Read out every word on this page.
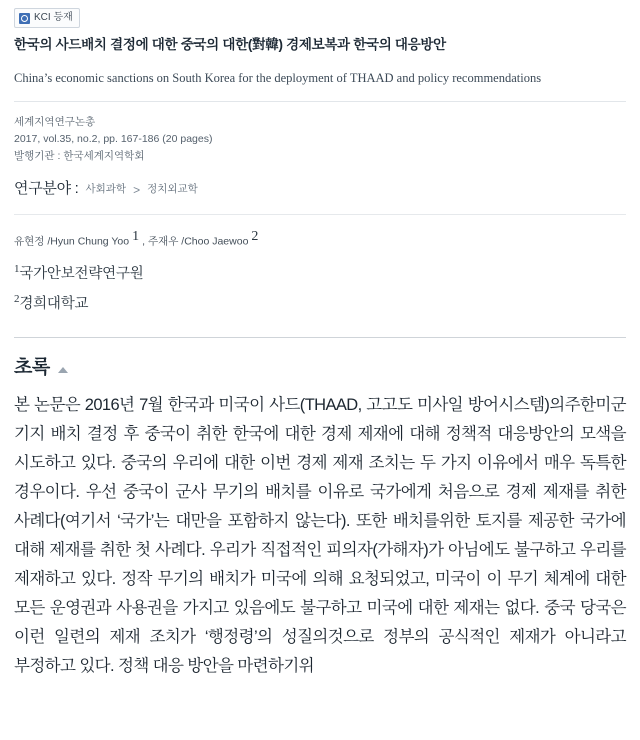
KCI 등재
한국의 사드배치 결정에 대한 중국의 대한(對韓) 경제보복과 한국의 대응방안
China’s economic sanctions on South Korea for the deployment of THAAD and policy recommendations
세계지역연구논총
2017, vol.35, no.2, pp. 167-186 (20 pages)
발행기관 : 한국세계지역학회
연구분야 : 사회과학 > 정치외교학
유현정 /Hyun Chung Yoo 1 , 주재우 /Choo Jaewoo 2
$^1$국가안보전략연구원
$^2$경희대학교
초록
본 논문은 2016년 7월 한국과 미국이 사드(THAAD, 고고도 미사일 방어시스템)의주한미군 기지 배치 결정 후 중국이 취한 한국에 대한 경제 제재에 대해 정책적 대응방안의 모색을 시도하고 있다. 중국의 우리에 대한 이번 경제 제재 조치는 두 가지 이유에서 매우 독특한 경우이다. 우선 중국이 군사 무기의 배치를 이유로 국가에게 처음으로 경제 제재를 취한 사례다(여기서 ‘국가’는 대만을 포함하지 않는다). 또한 배치를위한 토지를 제공한 국가에 대해 제재를 취한 첫 사례다. 우리가 직접적인 피의자(가해자)가 아님에도 불구하고 우리를 제재하고 있다. 정작 무기의 배치가 미국에 의해 요청되었고, 미국이 이 무기 체계에 대한 모든 운영권과 사용권을 가지고 있음에도 불구하고 미국에 대한 제재는 없다. 중국 당국은 이런 일련의 제재 조치가 ‘행정령’의 성질의것으로 정부의 공식적인 제재가 아니라고 부정하고 있다. 정책 대응 방안을 마련하기위
